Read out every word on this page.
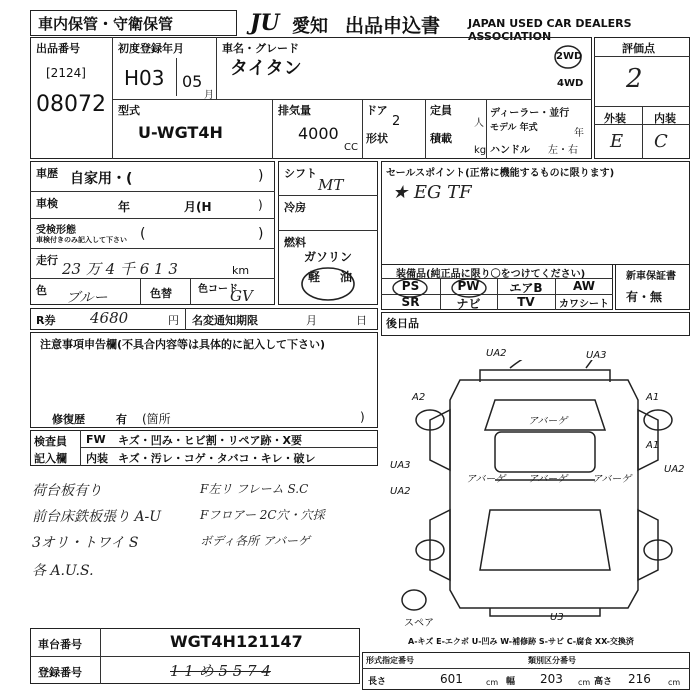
車内保管・守衛保管	JU 愛知 出品申込書	JAPAN USED CAR DEALERS ASSOCIATION
出品番号
[2124]
08072
初度登録年月
H03 05
月
車名・グレード
タイタン
2WD
4WD
型式
U-WGT4H
排気量
4000
CC
ドア
2
形状
定員
人
積載
kg
ディーラー・並行
モデル 年式	年
ハンドル 左・右
評価点
2
外装	内装
E C
車歴 自家用・(	)
車検	年	月(H	)
受検形態
車検付きのみ記入して下さい (	)
走行 23 万 4 千 6 1 3	km
色 ブルー	色替	色コード
GV
シフト
MT
冷房
燃料
ガソリン
軽 油
セールスポイント(正常に機能するものに限ります)
★ EG TF
装備品(純正品に限り〇をつけてください)
PS	PW	エアB	AW
SR	ナビ	TV	カワシート
新車保証書
有・無
R券 4680	円 名変通知期限	月	日
注意事項申告欄(不具合内容等は具体的に記入して下さい)
修復歴	有 (箇所	)
検査員
記入欄
FW キズ・凹み・ヒビ割・リペア跡・X要
内装 キズ・汚レ・コゲ・タバコ・キレ・破レ
荷台板有り
前台床鉄板張り A-U
3オリ・トワイ S
各 A.U.S.
F左リ フレーム S.C
Fフロアー 2C穴・穴採
ボディ各所 アバーゲ
後日品
UA2	UA3
A2	A1
A1
UA3
UA2
UA2
U3
アバーゲ
アバーゲ アバーゲ アバーゲ
スペア
A-キズ E-エクボ U-凹み W-補修跡 S-サビ C-腐食 XX-交換済
車台番号	WGT4H121147
登録番号	1 1 め 5 5 7 4
形式指定番号	類別区分番号
長さ	601	cm 幅 203 cm 高さ 216 cm
